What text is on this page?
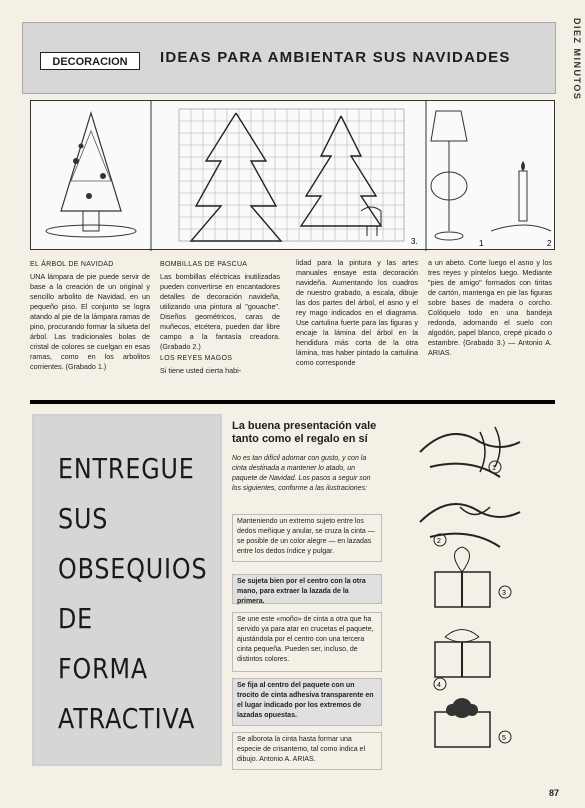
DIEZ MINUTOS
DECORACION	IDEAS PARA AMBIENTAR SUS NAVIDADES
3.	1	2

EL ÁRBOL DE NAVIDAD

UNA lámpara de pie puede servir de base a la creación de un original y sencillo arbolito de Navidad, en un pequeño piso. El conjunto se logra atando al pie de la lámpara ramas de pino, procurando formar la silueta del árbol. Las tradicionales bolas de cristal de colores se cuelgan en esas ramas, como en los arbolitos corrientes. (Grabado 1.)

BOMBILLAS DE PASCUA

Las bombillas eléctricas inutilizadas pueden convertirse en encantadores detalles de decoración navideña, utilizando una pintura al "gouache". Diseños geométricos, caras de muñecos, etcétera, pueden dar libre campo a la fantasía creadora. (Grabado 2.)

LOS REYES MAGOS

Si tiene usted cierta habi-

lidad para la pintura y las artes manuales ensaye esta decoración navideña. Aumentando los cuadros de nuestro grabado, a escala, dibuje las dos partes del árbol, el asno y el rey mago indicados en el diagrama. Use cartulina fuerte para las figuras y encaje la lámina del árbol en la hendidura más corta de la otra lámina, tras haber pintado la cartulina como corresponde

a un abeto. Corte luego el asno y los tres reyes y píntelos luego. Mediante "pies de amigo" formados con tiritas de cartón, mantenga en pie las figuras sobre bases de madera o corcho. Colóquelo todo en una bandeja redonda, adornando el suelo con algodón, papel blanco, crepé picado o estambre. (Grabado 3.) — Antonio A. ARIAS.

ENTREGUE
SUS
OBSEQUIOS
DE
FORMA
ATRACTIVA
La buena presentación vale
tanto como el regalo en sí
No es tan difícil adornar con gusto, y con la cinta destinada a mantener lo atado, un paquete de Navidad. Los pasos a seguir son los siguientes, conforme a las ilustraciones:
Manteniendo un extremo sujeto entre los dedos meñique y anular, se cruza la cinta — se posible de un color alegre — en lazadas entre los dedos índice y pulgar.
Se sujeta bien por el centro con la otra mano, para extraer la lazada de la primera.
Se une este «moño» de cinta a otra que ha servido ya para atar en crucetas el paquete, ajustándola por el centro con una tercera cinta pequeña. Pueden ser, incluso, de distintos colores.
Se fija al centro del paquete con un trocito de cinta adhesiva transparente en el lugar indicado por los extremos de lazadas opuestas.
Se alborota la cinta hasta formar una especie de crisantemo, tal como indica el dibujo. Antonio A. ARIAS.
1
2
3
4
5
87
